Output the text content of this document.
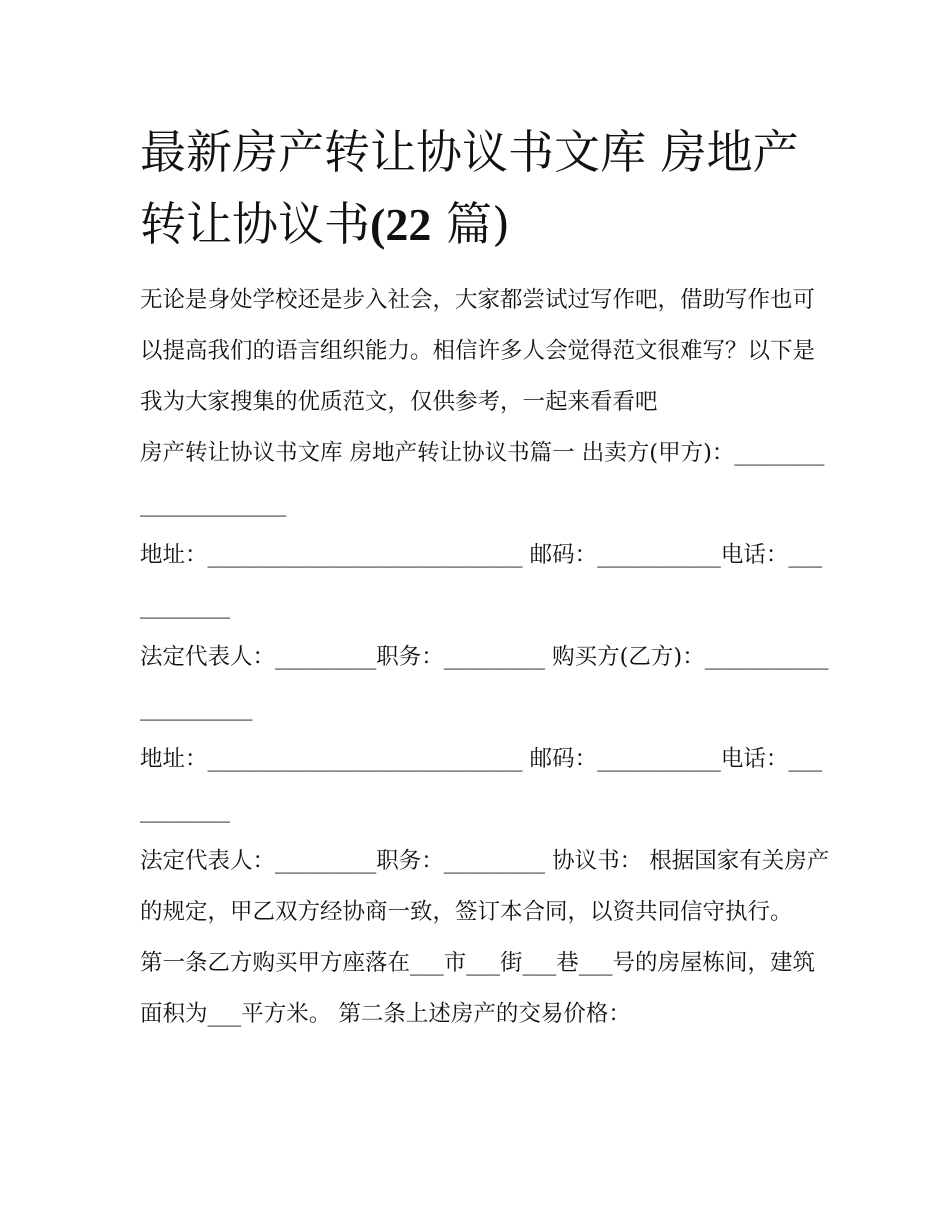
最新房产转让协议书文库 房地产转让协议书(22 篇)

无论是身处学校还是步入社会，大家都尝试过写作吧，借助写作也可以提高我们的语言组织能力。相信许多人会觉得范文很难写？以下是我为大家搜集的优质范文，仅供参考，一起来看看吧

房产转让协议书文库 房地产转让协议书篇一 出卖方(甲方)：_____________________

地址：____________________________ 邮码：___________电话：___________

法定代表人：_________职务：_________ 购买方(乙方)：_____________________

地址：____________________________ 邮码：___________电话：___________

法定代表人：_________职务：_________ 协议书： 根据国家有关房产的规定，甲乙双方经协商一致，签订本合同，以资共同信守执行。

第一条乙方购买甲方座落在___市___街___巷___号的房屋栋间，建筑面积为___平方米。 第二条上述房产的交易价格：
